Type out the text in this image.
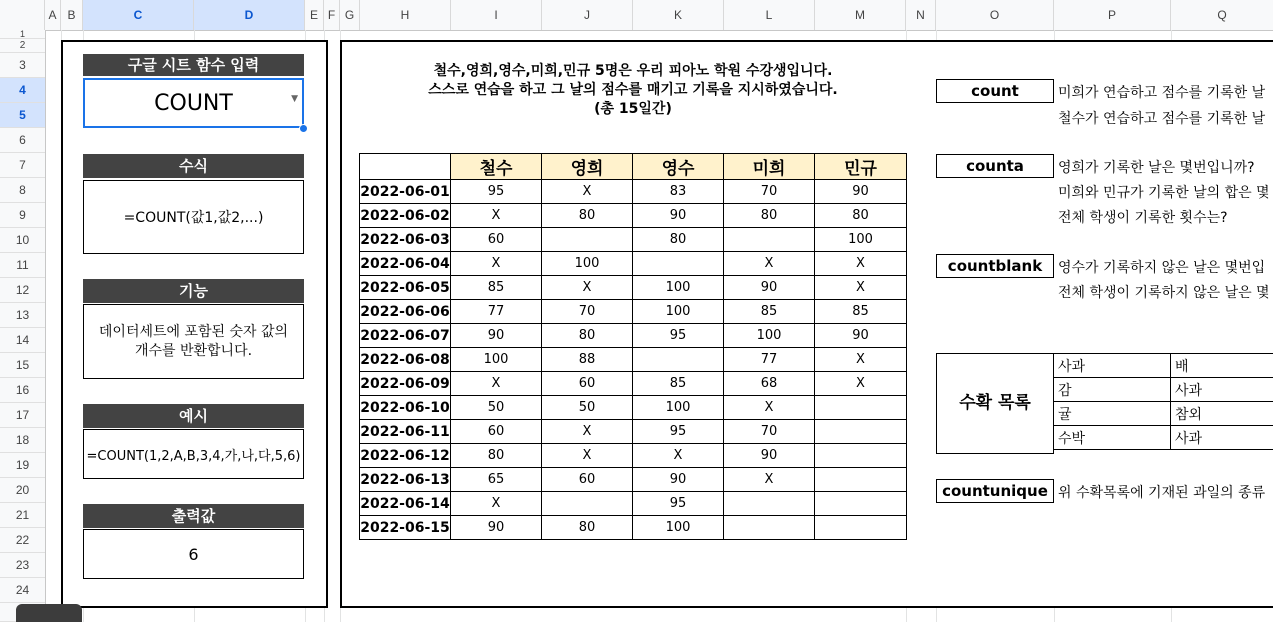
A B	C	D	E F G	H	I	J	K	L	M	N	O	P	Q
1
2
3
4
5
6
7
8
9
10
11
12
13
14
15
16
17
18
19
20
21
22
23
24
구글 시트 함수 입력
COUNT	▼
수식
=COUNT(값1,값2,...)
기능
데이터세트에 포함된 숫자 값의 개수를 반환합니다.
예시
=COUNT(1,2,A,B,3,4,가,나,다,5,6)
출력값
6
철수,영희,영수,미희,민규 5명은 우리 피아노 학원 수강생입니다.
스스로 연습을 하고 그 날의 점수를 매기고 기록을 지시하였습니다.
(총 15일간)
	철수	영희	영수	미희	민규
2022-06-01	95	X	83	70	90
2022-06-02	X	80	90	80	80
2022-06-03	60		80		100
2022-06-04	X	100		X	X
2022-06-05	85	X	100	90	X
2022-06-06	77	70	100	85	85
2022-06-07	90	80	95	100	90
2022-06-08	100	88		77	X
2022-06-09	X	60	85	68	X
2022-06-10	50	50	100	X	
2022-06-11	60	X	95	70	
2022-06-12	80	X	X	90	
2022-06-13	65	60	90	X	
2022-06-14	X		95		
2022-06-15	90	80	100		
count	미희가 연습하고 점수를 기록한 날
철수가 연습하고 점수를 기록한 날
counta	영희가 기록한 날은 몇번입니까?
미희와 민규가 기록한 날의 합은 몇
전체 학생이 기록한 횟수는?
countblank	영수가 기록하지 않은 날은 몇번입
전체 학생이 기록하지 않은 날은 몇
수확 목록
사과	배
감	사과
귤	참외
수박	사과
countunique 위 수확목록에 기재된 과일의 종류
